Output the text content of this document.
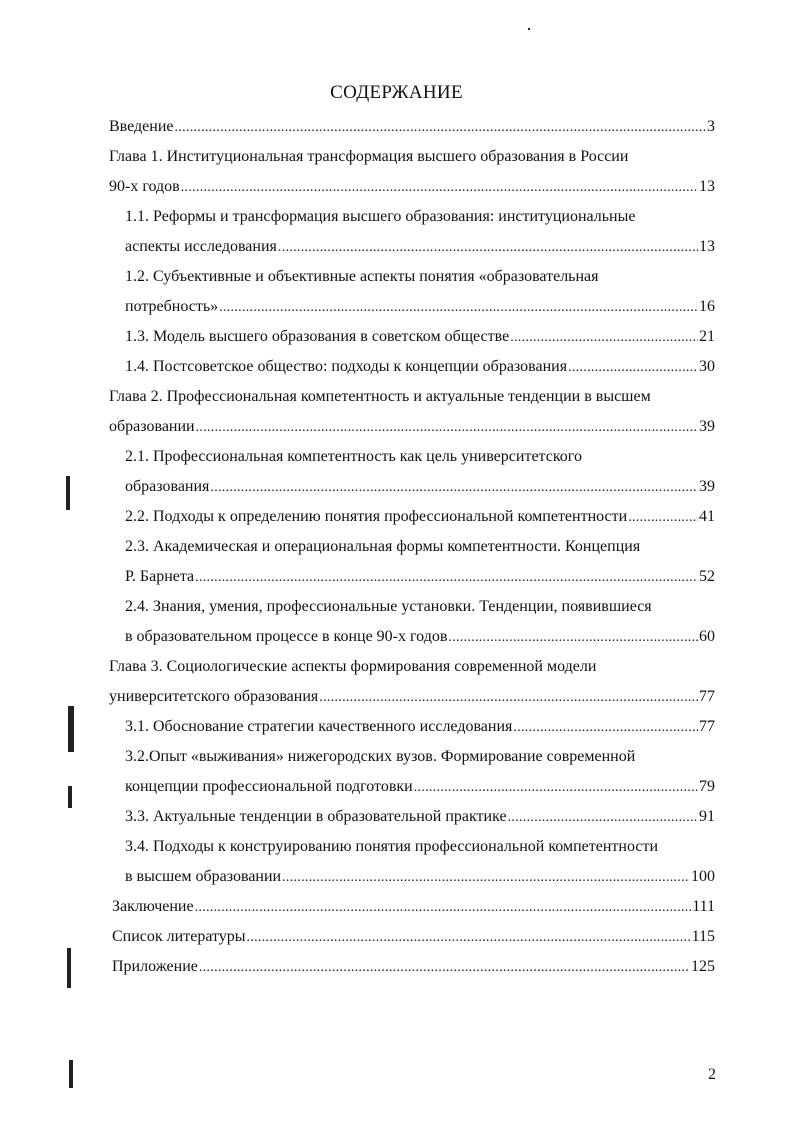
СОДЕРЖАНИЕ
Введение . . .	3
Глава 1. Институциональная трансформация высшего образования в России
90-х годов . . .	13
1.1. Реформы и трансформация высшего образования: институциональные
аспекты исследования . . .	13
1.2. Субъективные и объективные аспекты понятия «образовательная
потребность» . . .	16
1.3. Модель высшего образования в советском обществе . . .	21
1.4. Постсоветское общество: подходы к концепции образования . . .	30
Глава 2. Профессиональная компетентность и актуальные тенденции в высшем
образовании . . .	39
2.1. Профессиональная компетентность как цель университетского
образования . . .	39
2.2. Подходы к определению понятия профессиональной компетентности . . .	41
2.3. Академическая и операциональная формы компетентности. Концепция
Р. Барнета . . .	52
2.4. Знания, умения, профессиональные установки. Тенденции, появившиеся
в образовательном процессе в конце 90-х годов . . .	60
Глава 3. Социологические аспекты формирования современной модели
университетского образования . . .	77
3.1. Обоснование стратегии качественного исследования . . .	77
3.2.Опыт «выживания» нижегородских вузов. Формирование современной
концепции профессиональной подготовки . . .	79
3.3. Актуальные тенденции в образовательной практике . . .	91
3.4. Подходы к конструированию понятия профессиональной компетентности
в высшем образовании . . .	100
Заключение . . .	111
Список литературы . . .	115
Приложение . . .	125
2
